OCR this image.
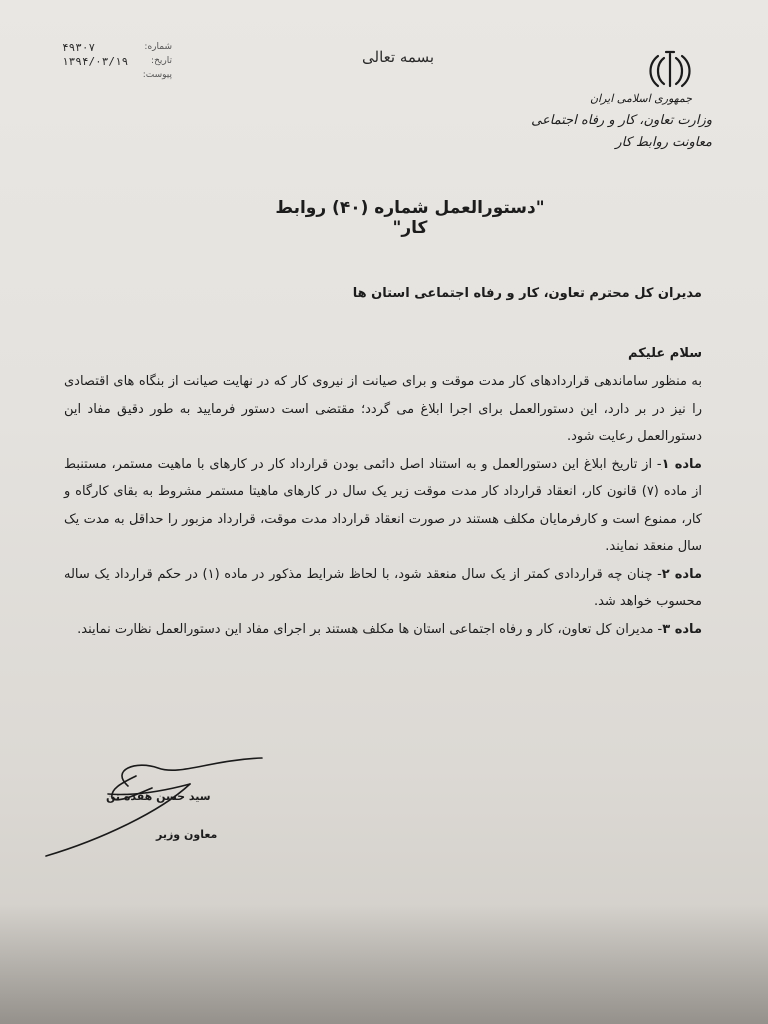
شماره:
۴۹۳۰۷
تاریخ:
۱۳۹۴/۰۳/۱۹
پیوست:
بسمه تعالی
جمهوری اسلامی ایران
وزارت تعاون، کار و رفاه اجتماعی
معاونت روابط کار
"دستورالعمل شماره (۴۰) روابط کار"
مدیران کل محترم تعاون، کار و رفاه اجتماعی استان ها
سلام علیکم

به منظور ساماندهی قراردادهای کار مدت موقت و برای صیانت از نیروی کار که در نهایت صیانت از بنگاه های اقتصادی را نیز در بر دارد، این دستورالعمل برای اجرا ابلاغ می گردد؛ مقتضی است دستور فرمایید به طور دقیق مفاد این دستورالعمل رعایت شود.

ماده ۱- از تاریخ ابلاغ این دستورالعمل و به استناد اصل دائمی بودن قرارداد کار در کارهای با ماهیت مستمر، مستنبط از ماده (۷) قانون کار، انعقاد قرارداد کار مدت موقت زیر یک سال در کارهای ماهیتا مستمر مشروط به بقای کارگاه و کار، ممنوع است و کارفرمایان مکلف هستند در صورت انعقاد قرارداد مدت موقت، قرارداد مزبور را حداقل به مدت یک سال منعقد نمایند.

ماده ۲- چنان چه قراردادی کمتر از یک سال منعقد شود، با لحاظ شرایط مذکور در ماده (۱) در حکم قرارداد یک ساله محسوب خواهد شد.

ماده ۳- مدیران کل تعاون، کار و رفاه اجتماعی استان ها مکلف هستند بر اجرای مفاد این دستورالعمل نظارت نمایند.

سید حسن هفده تن
معاون وزیر
